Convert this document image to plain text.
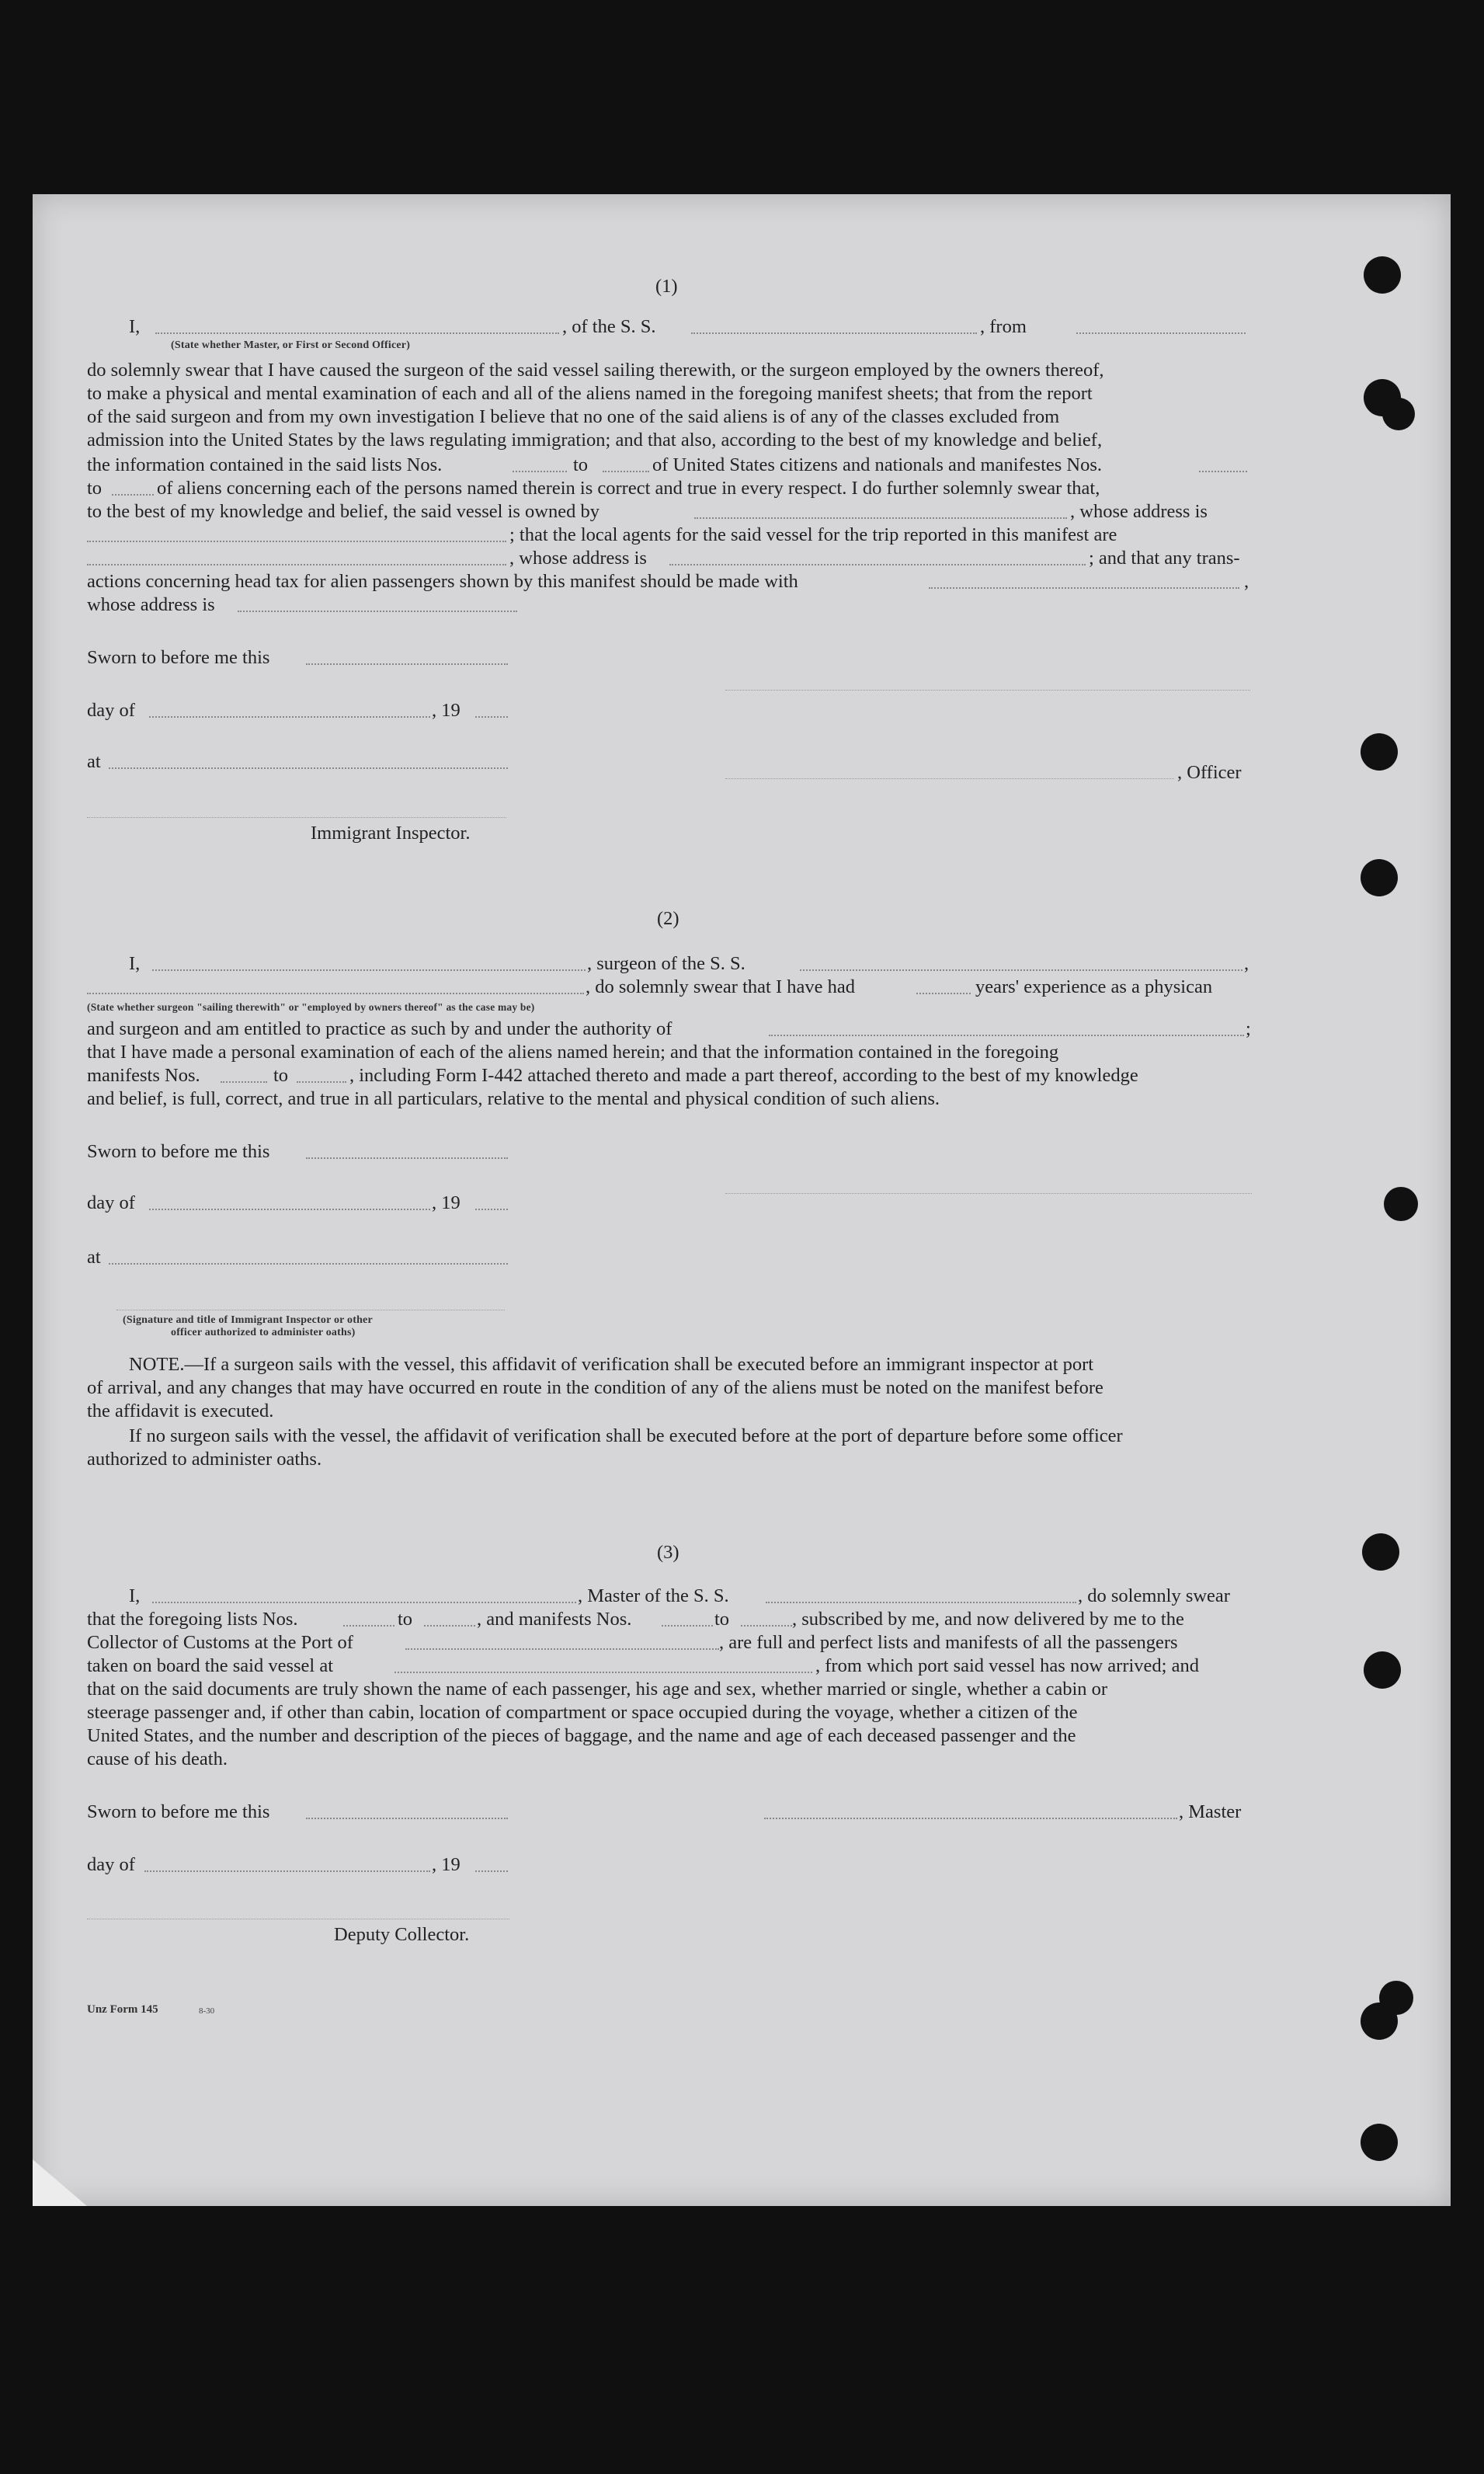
(1)
I,	, of the S. S.	, from
(State whether Master, or First or Second Officer)
do solemnly swear that I have caused the surgeon of the said vessel sailing therewith, or the surgeon employed by the owners thereof,
to make a physical and mental examination of each and all of the aliens named in the foregoing manifest sheets; that from the report
of the said surgeon and from my own investigation I believe that no one of the said aliens is of any of the classes excluded from
admission into the United States by the laws regulating immigration; and that also, according to the best of my knowledge and belief,
the information contained in the said lists Nos.	to	of United States citizens and nationals and manifestes Nos.
to	of aliens concerning each of the persons named therein is correct and true in every respect. I do further solemnly swear that,
to the best of my knowledge and belief, the said vessel is owned by	, whose address is
; that the local agents for the said vessel for the trip reported in this manifest are
, whose address is	; and that any trans-
actions concerning head tax for alien passengers shown by this manifest should be made with	,
whose address is
Sworn to before me this
day of	, 19
at
, Officer
Immigrant Inspector.
(2)
I,	, surgeon of the S. S.	,
, do solemnly swear that I have had	years' experience as a physican
(State whether surgeon "sailing therewith" or "employed by owners thereof" as the case may be)
and surgeon and am entitled to practice as such by and under the authority of	;
that I have made a personal examination of each of the aliens named herein; and that the information contained in the foregoing
manifests Nos.	to	, including Form I-442 attached thereto and made a part thereof, according to the best of my knowledge
and belief, is full, correct, and true in all particulars, relative to the mental and physical condition of such aliens.
Sworn to before me this
day of	, 19
at
(Signature and title of Immigrant Inspector or other
officer authorized to administer oaths)
NOTE.—If a surgeon sails with the vessel, this affidavit of verification shall be executed before an immigrant inspector at port
of arrival, and any changes that may have occurred en route in the condition of any of the aliens must be noted on the manifest before
the affidavit is executed.
If no surgeon sails with the vessel, the affidavit of verification shall be executed before at the port of departure before some officer
authorized to administer oaths.
(3)
I,	, Master of the S. S.	, do solemnly swear
that the foregoing lists Nos.	to	, and manifests Nos.	to	, subscribed by me, and now delivered by me to the
Collector of Customs at the Port of	, are full and perfect lists and manifests of all the passengers
taken on board the said vessel at	, from which port said vessel has now arrived; and
that on the said documents are truly shown the name of each passenger, his age and sex, whether married or single, whether a cabin or
steerage passenger and, if other than cabin, location of compartment or space occupied during the voyage, whether a citizen of the
United States, and the number and description of the pieces of baggage, and the name and age of each deceased passenger and the
cause of his death.
Sworn to before me this	, Master
day of	, 19
Deputy Collector.
Unz Form 145	8-30
